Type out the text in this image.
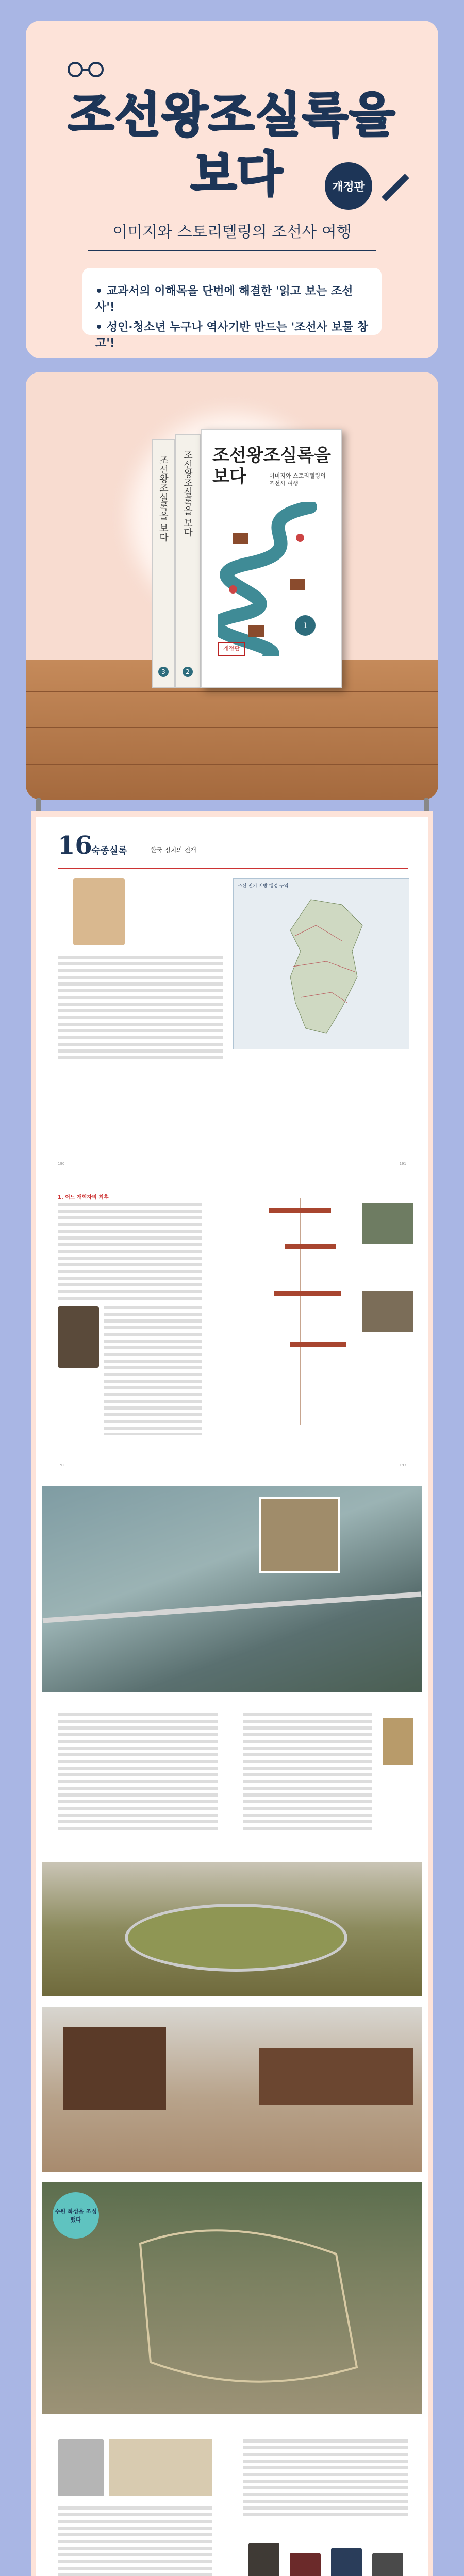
조선왕조실록을
보다	개정판
이미지와 스토리텔링의 조선사 여행
• 교과서의 이해목을 단번에 해결한 '읽고 보는 조선사'!
• 성인·청소년 누구나 역사기반 만드는 '조선사 보물 창고'!
조선왕조실록을 보다
3
조선왕조실록을 보다
2
조선왕조실록을
보다	이미지와 스토리텔링의 조선사 여행
1
개정판
16
숙종실록	환국 정치의 전개
조선 전기 지방 행정 구역
190	191
1. 어느 개혁자의 최후
192	193
수원 화성을 조성했다
